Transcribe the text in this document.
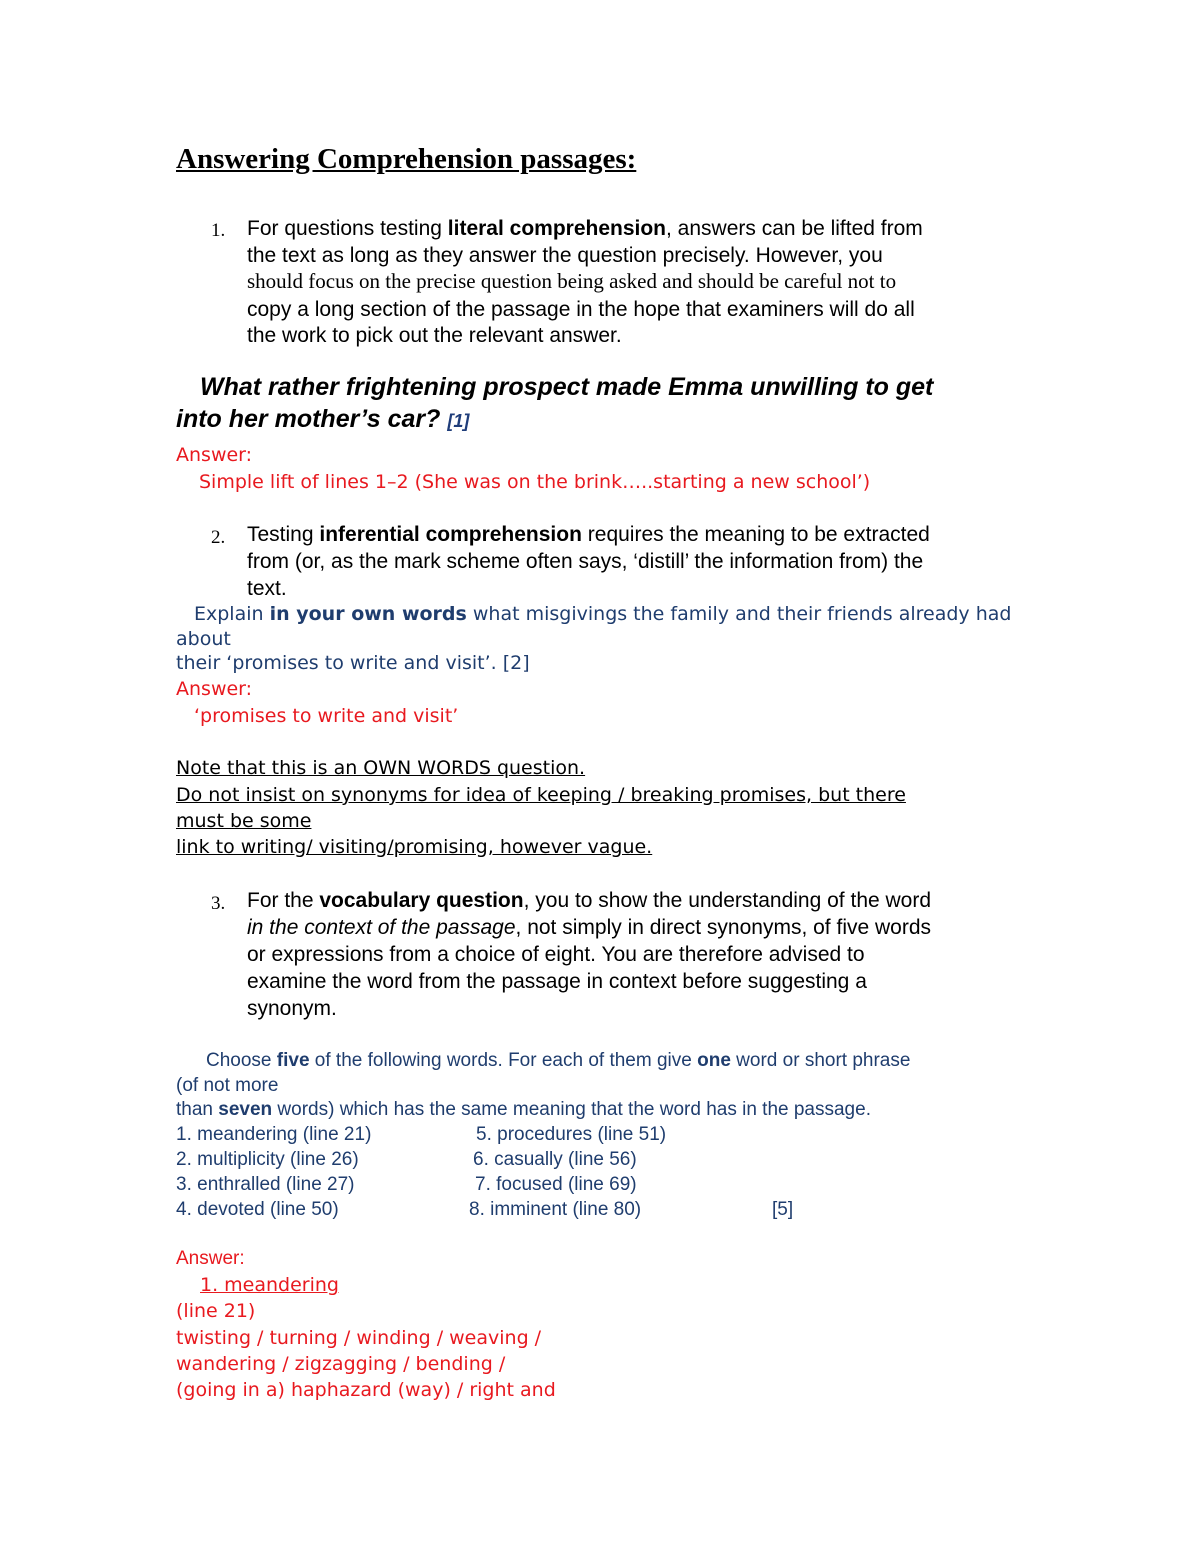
Answering Comprehension passages:
1. For questions testing literal comprehension, answers can be lifted from
the text as long as they answer the question precisely. However, you
should focus on the precise question being asked and should be careful not to
copy a long section of the passage in the hope that examiners will do all
the work to pick out the relevant answer.
What rather frightening prospect made Emma unwilling to get
into her mother’s car? [1]
Answer:
Simple lift of lines 1–2 (She was on the brink…..starting a new school’)
2. Testing inferential comprehension requires the meaning to be extracted
from (or, as the mark scheme often says, ‘distill’ the information from) the
text.
Explain in your own words what misgivings the family and their friends already had
about
their ‘promises to write and visit’. [2]
Answer:
‘promises to write and visit’
Note that this is an OWN WORDS question.
Do not insist on synonyms for idea of keeping / breaking promises, but there
must be some
link to writing/ visiting/promising, however vague.
3. For the vocabulary question, you to show the understanding of the word
in the context of the passage, not simply in direct synonyms, of five words
or expressions from a choice of eight. You are therefore advised to
examine the word from the passage in context before suggesting a
synonym.
Choose five of the following words. For each of them give one word or short phrase
(of not more
than seven words) which has the same meaning that the word has in the passage.
1. meandering (line 21)
2. multiplicity (line 26)
3. enthralled (line 27)
4. devoted (line 50)
5. procedures (line 51)
6. casually (line 56)
7. focused (line 69)
8. imminent (line 80)	[5]
Answer:
1. meandering
(line 21)
twisting / turning / winding / weaving /
wandering / zigzagging / bending /
(going in a) haphazard (way) / right and
